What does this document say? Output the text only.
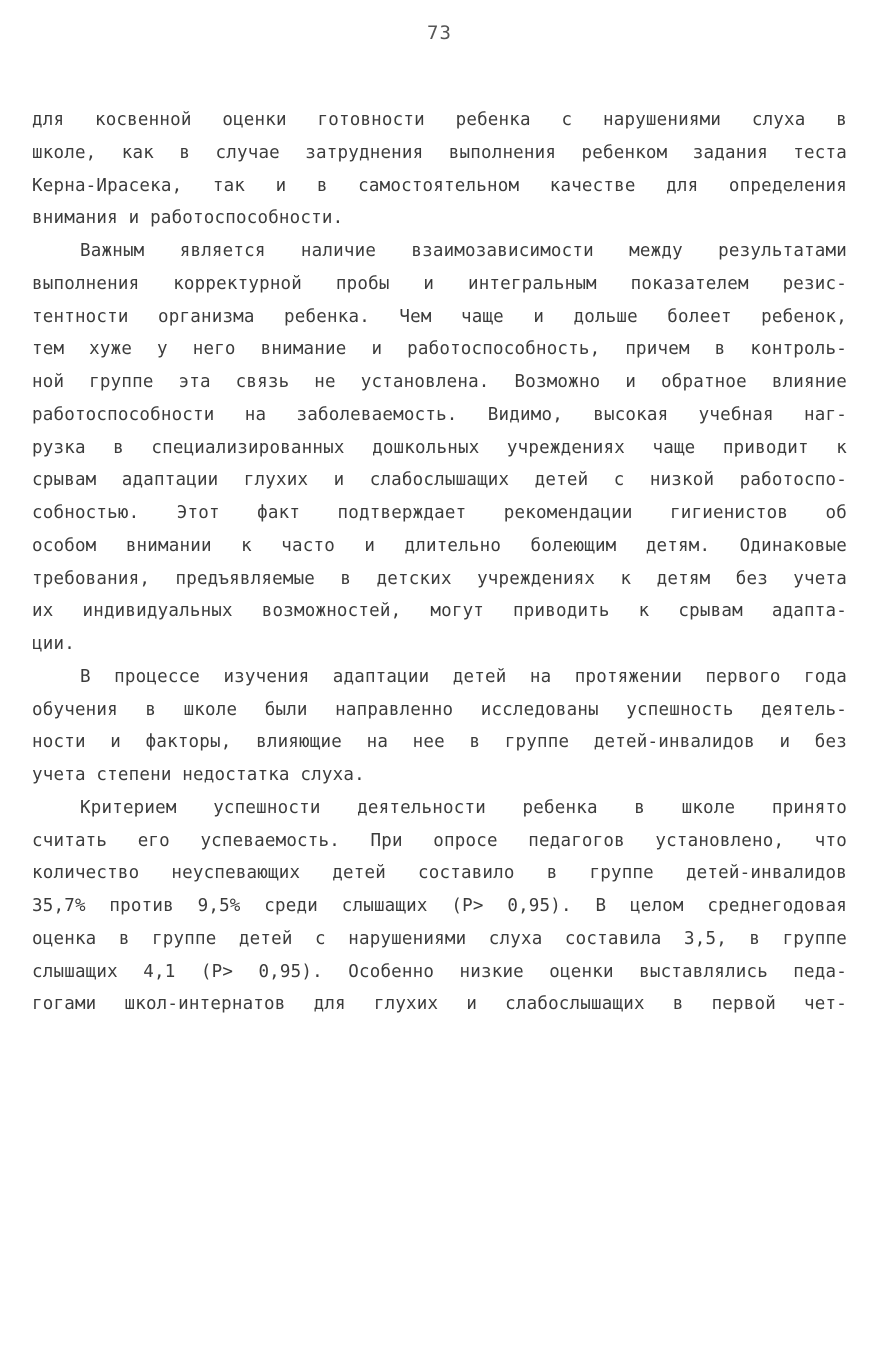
73
для косвенной оценки готовности ребенка с нарушениями слуха в
школе, как в случае затруднения выполнения ребенком задания теста
Керна-Ирасека, так и в самостоятельном качестве для определения
внимания и работоспособности.
Важным является наличие взаимозависимости между результатами
выполнения корректурной пробы и интегральным показателем резис-
тентности организма ребенка. Чем чаще и дольше болеет ребенок,
тем хуже у него внимание и работоспособность, причем в контроль-
ной группе эта связь не установлена. Возможно и обратное влияние
работоспособности на заболеваемость. Видимо, высокая учебная наг-
рузка в специализированных дошкольных учреждениях чаще приводит к
срывам адаптации глухих и слабослышащих детей с низкой работоспо-
собностью. Этот факт подтверждает рекомендации гигиенистов об
особом внимании к часто и длительно болеющим детям. Одинаковые
требования, предъявляемые в детских учреждениях к детям без учета
их индивидуальных возможностей, могут приводить к срывам адапта-
ции.
В процессе изучения адаптации детей на протяжении первого года
обучения в школе были направленно исследованы успешность деятель-
ности и факторы, влияющие на нее в группе детей-инвалидов и без
учета степени недостатка слуха.
Критерием успешности деятельности ребенка в школе принято
считать его успеваемость. При опросе педагогов установлено, что
количество неуспевающих детей составило в группе детей-инвалидов
35,7% против 9,5% среди слышащих (Р> 0,95). В целом среднегодовая
оценка в группе детей с нарушениями слуха составила 3,5, в группе
слышащих 4,1 (Р> 0,95). Особенно низкие оценки выставлялись педа-
гогами школ-интернатов для глухих и слабослышащих в первой чет-
